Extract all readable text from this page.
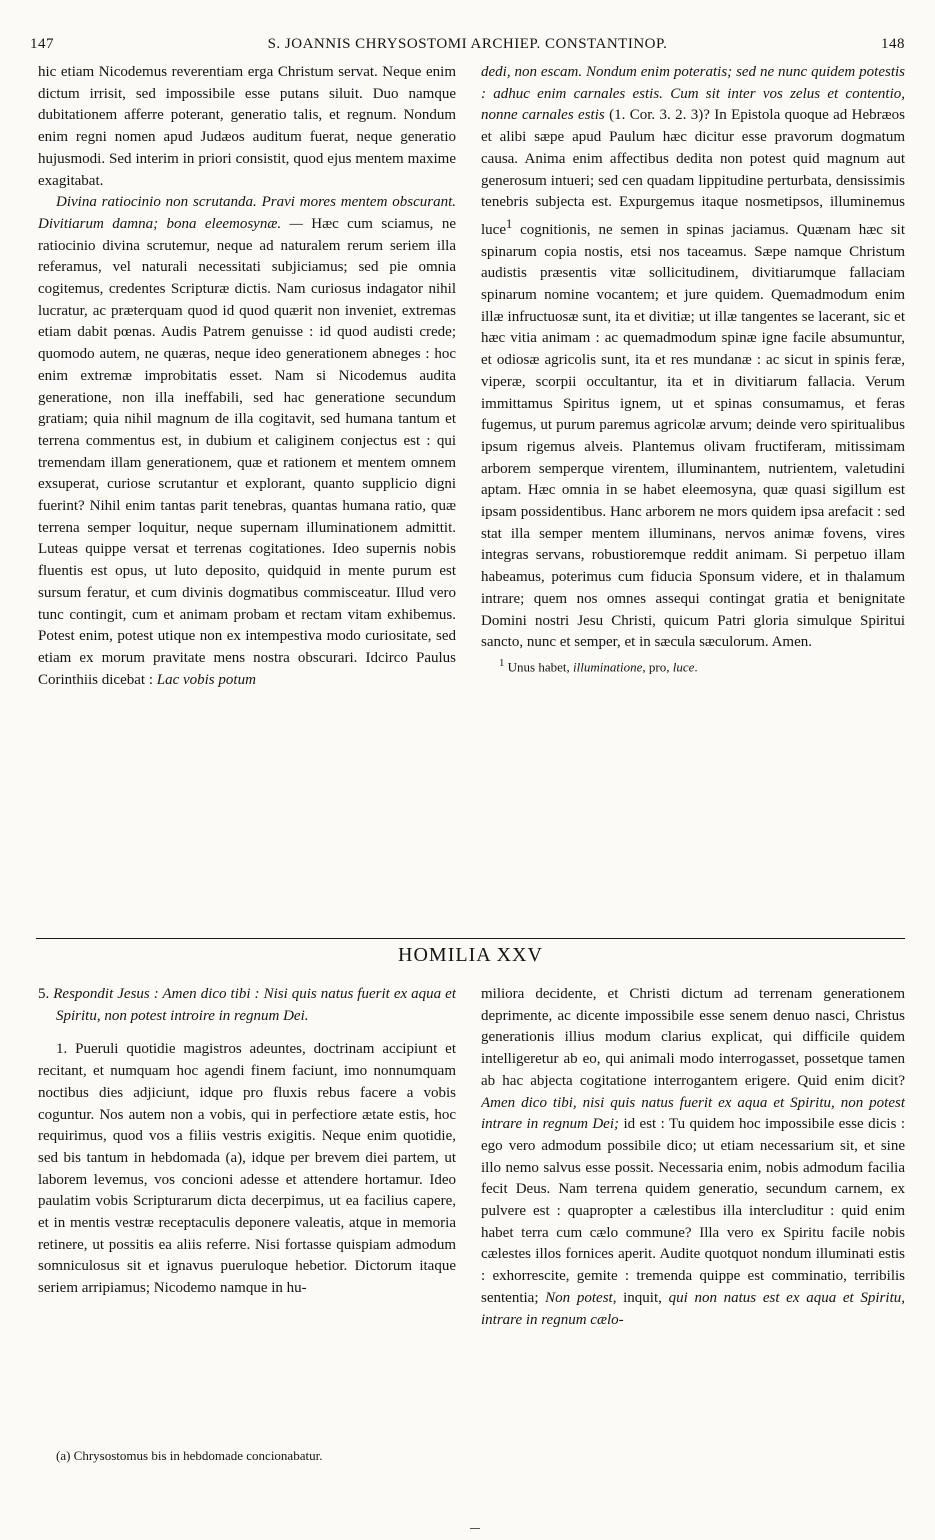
147	S. JOANNIS CHRYSOSTOMI ARCHIEP. CONSTANTINOP.	148

hic etiam Nicodemus reverentiam erga Christum servat. Neque enim dictum irrisit, sed impossibile esse putans siluit. Duo namque dubitationem afferre poterant, generatio talis, et regnum. Nondum enim regni nomen apud Judæos auditum fuerat, neque generatio hujusmodi. Sed interim in priori consistit, quod ejus mentem maxime exagitabat.

Divina ratiocinio non scrutanda. Pravi mores mentem obscurant. Divitiarum damna; bona eleemosynæ. — Hæc cum sciamus, ne ratiocinio divina scrutemur, neque ad naturalem rerum seriem illa referamus, vel naturali necessitati subjiciamus; sed pie omnia cogitemus, credentes Scripturæ dictis. Nam curiosus indagator nihil lucratur, ac præterquam quod id quod quærit non inveniet, extremas etiam dabit pœnas. Audis Patrem genuisse : id quod audisti crede; quomodo autem, ne quæras, neque ideo generationem abneges : hoc enim extremæ improbitatis esset. Nam si Nicodemus audita generatione, non illa ineffabili, sed hac generatione secundum gratiam; quia nihil magnum de illa cogitavit, sed humana tantum et terrena commentus est, in dubium et caliginem conjectus est : qui tremendam illam generationem, quæ et rationem et mentem omnem exsuperat, curiose scrutantur et explorant, quanto supplicio digni fuerint? Nihil enim tantas parit tenebras, quantas humana ratio, quæ terrena semper loquitur, neque supernam illuminationem admittit. Luteas quippe versat et terrenas cogitationes. Ideo supernis nobis fluentis est opus, ut luto deposito, quidquid in mente purum est sursum feratur, et cum divinis dogmatibus commisceatur. Illud vero tunc contingit, cum et animam probam et rectam vitam exhibemus. Potest enim, potest utique non ex intempestiva modo curiositate, sed etiam ex morum pravitate mens nostra obscurari. Idcirco Paulus Corinthiis dicebat : Lac vobis potum

dedi, non escam. Nondum enim poteratis; sed ne nunc quidem potestis : adhuc enim carnales estis. Cum sit inter vos zelus et contentio, nonne carnales estis (1. Cor. 3. 2. 3)? In Epistola quoque ad Hebræos et alibi sæpe apud Paulum hæc dicitur esse pravorum dogmatum causa. Anima enim affectibus dedita non potest quid magnum aut generosum intueri; sed cen quadam lippitudine perturbata, densissimis tenebris subjecta est. Expurgemus itaque nosmetipsos, illuminemus luce$^1$ cognitionis, ne semen in spinas jaciamus. Quænam hæc sit spinarum copia nostis, etsi nos taceamus. Sæpe namque Christum audistis præsentis vitæ sollicitudinem, divitiarumque fallaciam spinarum nomine vocantem; et jure quidem. Quemadmodum enim illæ infructuosæ sunt, ita et divitiæ; ut illæ tangentes se lacerant, sic et hæc vitia animam : ac quemadmodum spinæ igne facile absumuntur, et odiosæ agricolis sunt, ita et res mundanæ : ac sicut in spinis feræ, viperæ, scorpii occultantur, ita et in divitiarum fallacia. Verum immittamus Spiritus ignem, ut et spinas consumamus, et feras fugemus, ut purum paremus agricolæ arvum; deinde vero spiritualibus ipsum rigemus alveis. Plantemus olivam fructiferam, mitissimam arborem semperque virentem, illuminantem, nutrientem, valetudini aptam. Hæc omnia in se habet eleemosyna, quæ quasi sigillum est ipsam possidentibus. Hanc arborem ne mors quidem ipsa arefacit : sed stat illa semper mentem illuminans, nervos animæ fovens, vires integras servans, robustioremque reddit animam. Si perpetuo illam habeamus, poterimus cum fiducia Sponsum videre, et in thalamum intrare; quem nos omnes assequi contingat gratia et benignitate Domini nostri Jesu Christi, quicum Patri gloria simulque Spiritui sancto, nunc et semper, et in sæcula sæculorum. Amen.

$^1$ Unus habet, illuminatione, pro, luce.

HOMILIA XXV

5. Respondit Jesus : Amen dico tibi : Nisi quis natus fuerit ex aqua et Spiritu, non potest introire in regnum Dei.

1. Pueruli quotidie magistros adeuntes, doctrinam accipiunt et recitant, et numquam hoc agendi finem faciunt, imo nonnumquam noctibus dies adjiciunt, idque pro fluxis rebus facere a vobis coguntur. Nos autem non a vobis, qui in perfectiore ætate estis, hoc requirimus, quod vos a filiis vestris exigitis. Neque enim quotidie, sed bis tantum in hebdomada (a), idque per brevem diei partem, ut laborem levemus, vos concioni adesse et attendere hortamur. Ideo paulatim vobis Scripturarum dicta decerpimus, ut ea facilius capere, et in mentis vestræ receptaculis deponere valeatis, atque in memoria retinere, ut possitis ea aliis referre. Nisi fortasse quispiam admodum somniculosus sit et ignavus pueruloque hebetior. Dictorum itaque seriem arripiamus; Nicodemo namque in hu-

(a) Chrysostomus bis in hebdomade concionabatur.

miliora decidente, et Christi dictum ad terrenam generationem deprimente, ac dicente impossibile esse senem denuo nasci, Christus generationis illius modum clarius explicat, qui difficile quidem intelligeretur ab eo, qui animali modo interrogasset, possetque tamen ab hac abjecta cogitatione interrogantem erigere. Quid enim dicit? Amen dico tibi, nisi quis natus fuerit ex aqua et Spiritu, non potest intrare in regnum Dei; id est : Tu quidem hoc impossibile esse dicis : ego vero admodum possibile dico; ut etiam necessarium sit, et sine illo nemo salvus esse possit. Necessaria enim, nobis admodum facilia fecit Deus. Nam terrena quidem generatio, secundum carnem, ex pulvere est : quapropter a cælestibus illa intercluditur : quid enim habet terra cum cælo commune? Illa vero ex Spiritu facile nobis cælestes illos fornices aperit. Audite quotquot nondum illuminati estis : exhorrescite, gemite : tremenda quippe est comminatio, terribilis sententia; Non potest, inquit, qui non natus est ex aqua et Spiritu, intrare in regnum cælo-
